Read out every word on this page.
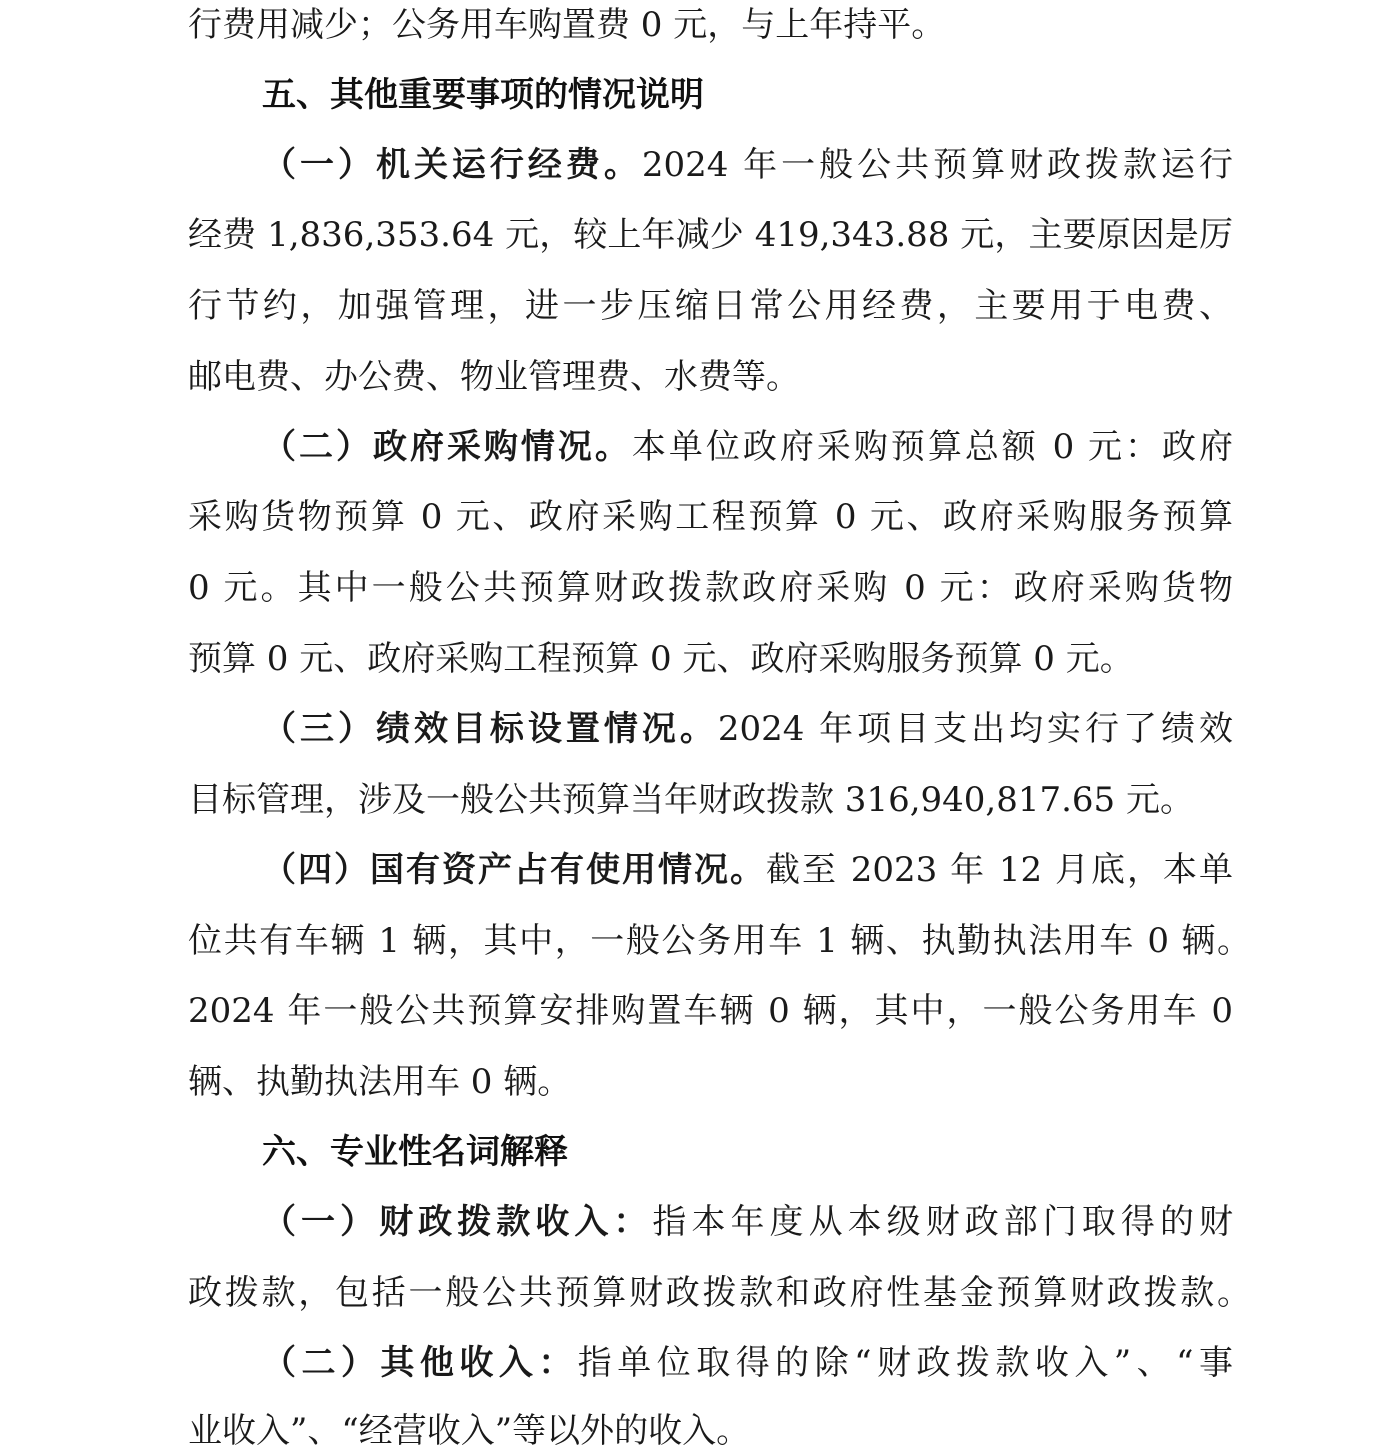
行费用减少；公务用车购置费 0 元，与上年持平。
五、其他重要事项的情况说明
（一）机关运行经费。2024 年一般公共预算财政拨款运行
经费 1,836,353.64 元，较上年减少 419,343.88 元，主要原因是厉
行节约，加强管理，进一步压缩日常公用经费，主要用于电费、
邮电费、办公费、物业管理费、水费等。
（二）政府采购情况。本单位政府采购预算总额 0 元：政府
采购货物预算 0 元、政府采购工程预算 0 元、政府采购服务预算
0 元。其中一般公共预算财政拨款政府采购 0 元：政府采购货物
预算 0 元、政府采购工程预算 0 元、政府采购服务预算 0 元。
（三）绩效目标设置情况。2024 年项目支出均实行了绩效
目标管理，涉及一般公共预算当年财政拨款 316,940,817.65 元。
（四）国有资产占有使用情况。截至 2023 年 12 月底，本单
位共有车辆 1 辆，其中，一般公务用车 1 辆、执勤执法用车 0 辆。
2024 年一般公共预算安排购置车辆 0 辆，其中，一般公务用车 0
辆、执勤执法用车 0 辆。
六、专业性名词解释
（一）财政拨款收入：指本年度从本级财政部门取得的财
政拨款，包括一般公共预算财政拨款和政府性基金预算财政拨款。
（二）其他收入：指单位取得的除“财政拨款收入”、“事
业收入”、“经营收入”等以外的收入。
